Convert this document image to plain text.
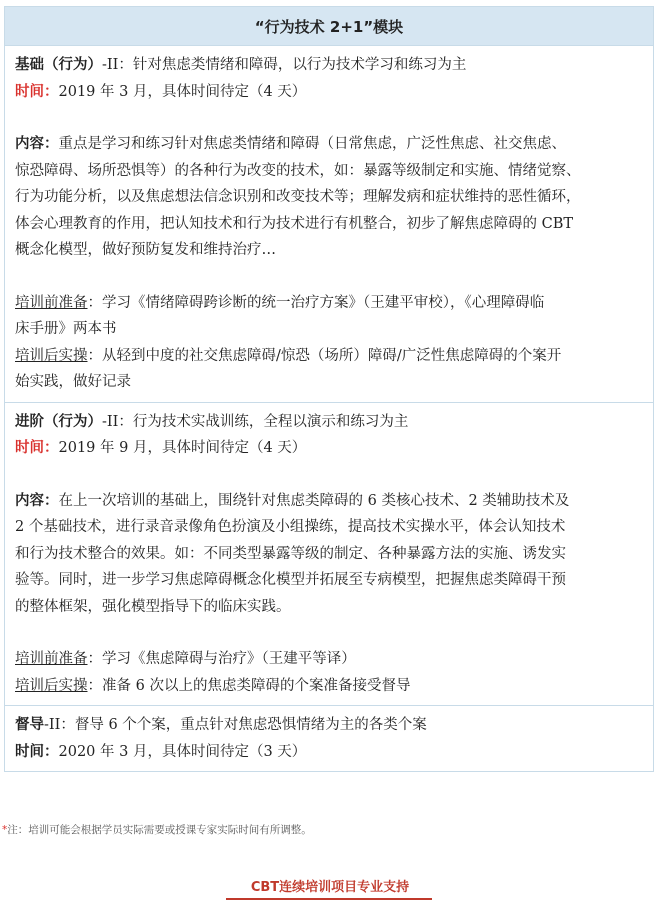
“行为技术 2+1”模块
基础（行为）-II：针对焦虑类情绪和障碍，以行为技术学习和练习为主
时间：2019 年 3 月，具体时间待定（4 天）
内容：重点是学习和练习针对焦虑类情绪和障碍（日常焦虑，广泛性焦虑、社交焦虑、
惊恐障碍、场所恐惧等）的各种行为改变的技术，如：暴露等级制定和实施、情绪觉察、
行为功能分析，以及焦虑想法信念识别和改变技术等；理解发病和症状维持的恶性循环，
体会心理教育的作用，把认知技术和行为技术进行有机整合，初步了解焦虑障碍的 CBT
概念化模型，做好预防复发和维持治疗…
培训前准备：学习《情绪障碍跨诊断的统一治疗方案》（王建平审校），《心理障碍临
床手册》两本书
培训后实操：从轻到中度的社交焦虑障碍/惊恐（场所）障碍/广泛性焦虑障碍的个案开
始实践，做好记录
进阶（行为）-II：行为技术实战训练，全程以演示和练习为主
时间：2019 年 9 月，具体时间待定（4 天）
内容：在上一次培训的基础上，围绕针对焦虑类障碍的 6 类核心技术、2 类辅助技术及
2 个基础技术，进行录音录像角色扮演及小组操练，提高技术实操水平，体会认知技术
和行为技术整合的效果。如：不同类型暴露等级的制定、各种暴露方法的实施、诱发实
验等。同时，进一步学习焦虑障碍概念化模型并拓展至专病模型，把握焦虑类障碍干预
的整体框架，强化模型指导下的临床实践。
培训前准备：学习《焦虑障碍与治疗》（王建平等译）
培训后实操：准备 6 次以上的焦虑类障碍的个案准备接受督导
督导-II：督导 6 个个案，重点针对焦虑恐惧情绪为主的各类个案
时间：2020 年 3 月，具体时间待定（3 天）
*注：培训可能会根据学员实际需要或授课专家实际时间有所调整。
CBT连续培训项目专业支持
